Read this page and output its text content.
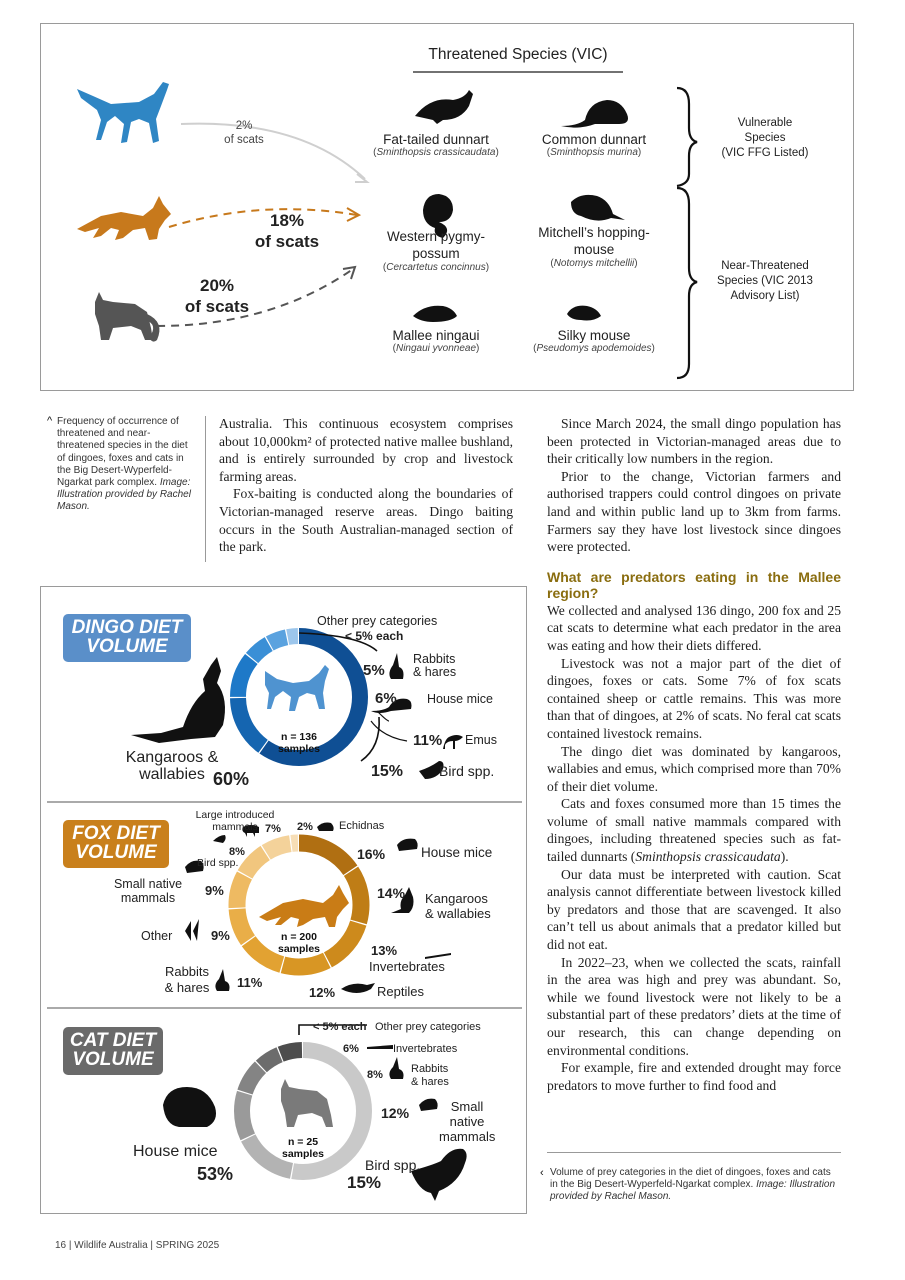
Threatened Species (VIC)
2%
of scats
18%
of scats
20%
of scats
Fat-tailed dunnart
(Sminthopsis crassicaudata)
Common dunnart
(Sminthopsis murina)
Western pygmy-
possum
(Cercartetus concinnus)
Mitchell’s hopping-
mouse
(Notomys mitchellii)
Mallee ningaui
(Ningaui yvonneae)
Silky mouse
(Pseudomys apodemoides)
Vulnerable
Species
(VIC FFG Listed)
Near-Threatened
Species (VIC 2013
Advisory List)
^ Frequency of occurrence of threatened and near-threatened species in the diet of dingoes, foxes and cats in the Big Desert-Wyperfeld-Ngarkat park complex. Image: Illustration provided by Rachel Mason.

Australia. This continuous ecosystem comprises about 10,000km² of protected native mallee bushland, and is entirely surrounded by crop and livestock farming areas.

Fox-baiting is conducted along the boundaries of Victorian-managed reserve areas. Dingo baiting occurs in the South Australian-managed section of the park.

Since March 2024, the small dingo population has been protected in Victorian-managed areas due to their critically low numbers in the region.

Prior to the change, Victorian farmers and authorised trappers could control dingoes on private land and within public land up to 3km from farms. Farmers say they have lost livestock since dingoes were protected.

What are predators eating in the Mallee region?

We collected and analysed 136 dingo, 200 fox and 25 cat scats to determine what each predator in the area was eating and how their diets differed.

Livestock was not a major part of the diet of dingoes, foxes or cats. Some 7% of fox scats contained sheep or cattle remains. This was more than that of dingoes, at 2% of scats. No feral cat scats contained livestock remains.

The dingo diet was dominated by kangaroos, wallabies and emus, which comprised more than 70% of their diet volume.

Cats and foxes consumed more than 15 times the volume of small native mammals compared with dingoes, including threatened species such as fat-tailed dunnarts (Sminthopsis crassicaudata).

Our data must be interpreted with caution. Scat analysis cannot differentiate between livestock killed by predators and those that are scavenged. It also can’t tell us about animals that a predator killed but did not eat.

In 2022–23, when we collected the scats, rainfall in the area was high and prey was abundant. So, while we found livestock were not likely to be a substantial part of these predators’ diets at the time of our research, this can change depending on environmental conditions.

For example, fire and extended drought may force predators to move further to find food and

‹ Volume of prey categories in the diet of dingoes, foxes and cats in the Big Desert-Wyperfeld-Ngarkat complex. Image: Illustration provided by Rachel Mason.
DINGO DIET VOLUME
FOX DIET VOLUME
CAT DIET VOLUME
n = 136
samples
n = 200
samples
n = 25
samples
Other prey categories
< 5% each
5%
Rabbits
& hares
6% House mice
11% Emus
15%	Bird spp.
Kangaroos &
wallabies 60%
Large introduced
mammals 7% 2% Echidnas
8%
Bird spp.
16%	House mice
Small native
mammals	9%	14% Kangaroos
& wallabies
Other	9%
13%
Invertebrates
Rabbits
& hares	11%
12%	Reptiles
< 5% each Other prey categories
6%	Invertebrates
8%	Rabbits
& hares
12%	Small
native
mammals
House mice
53%	Bird spp.
15%
16 | Wildlife Australia | SPRING 2025
